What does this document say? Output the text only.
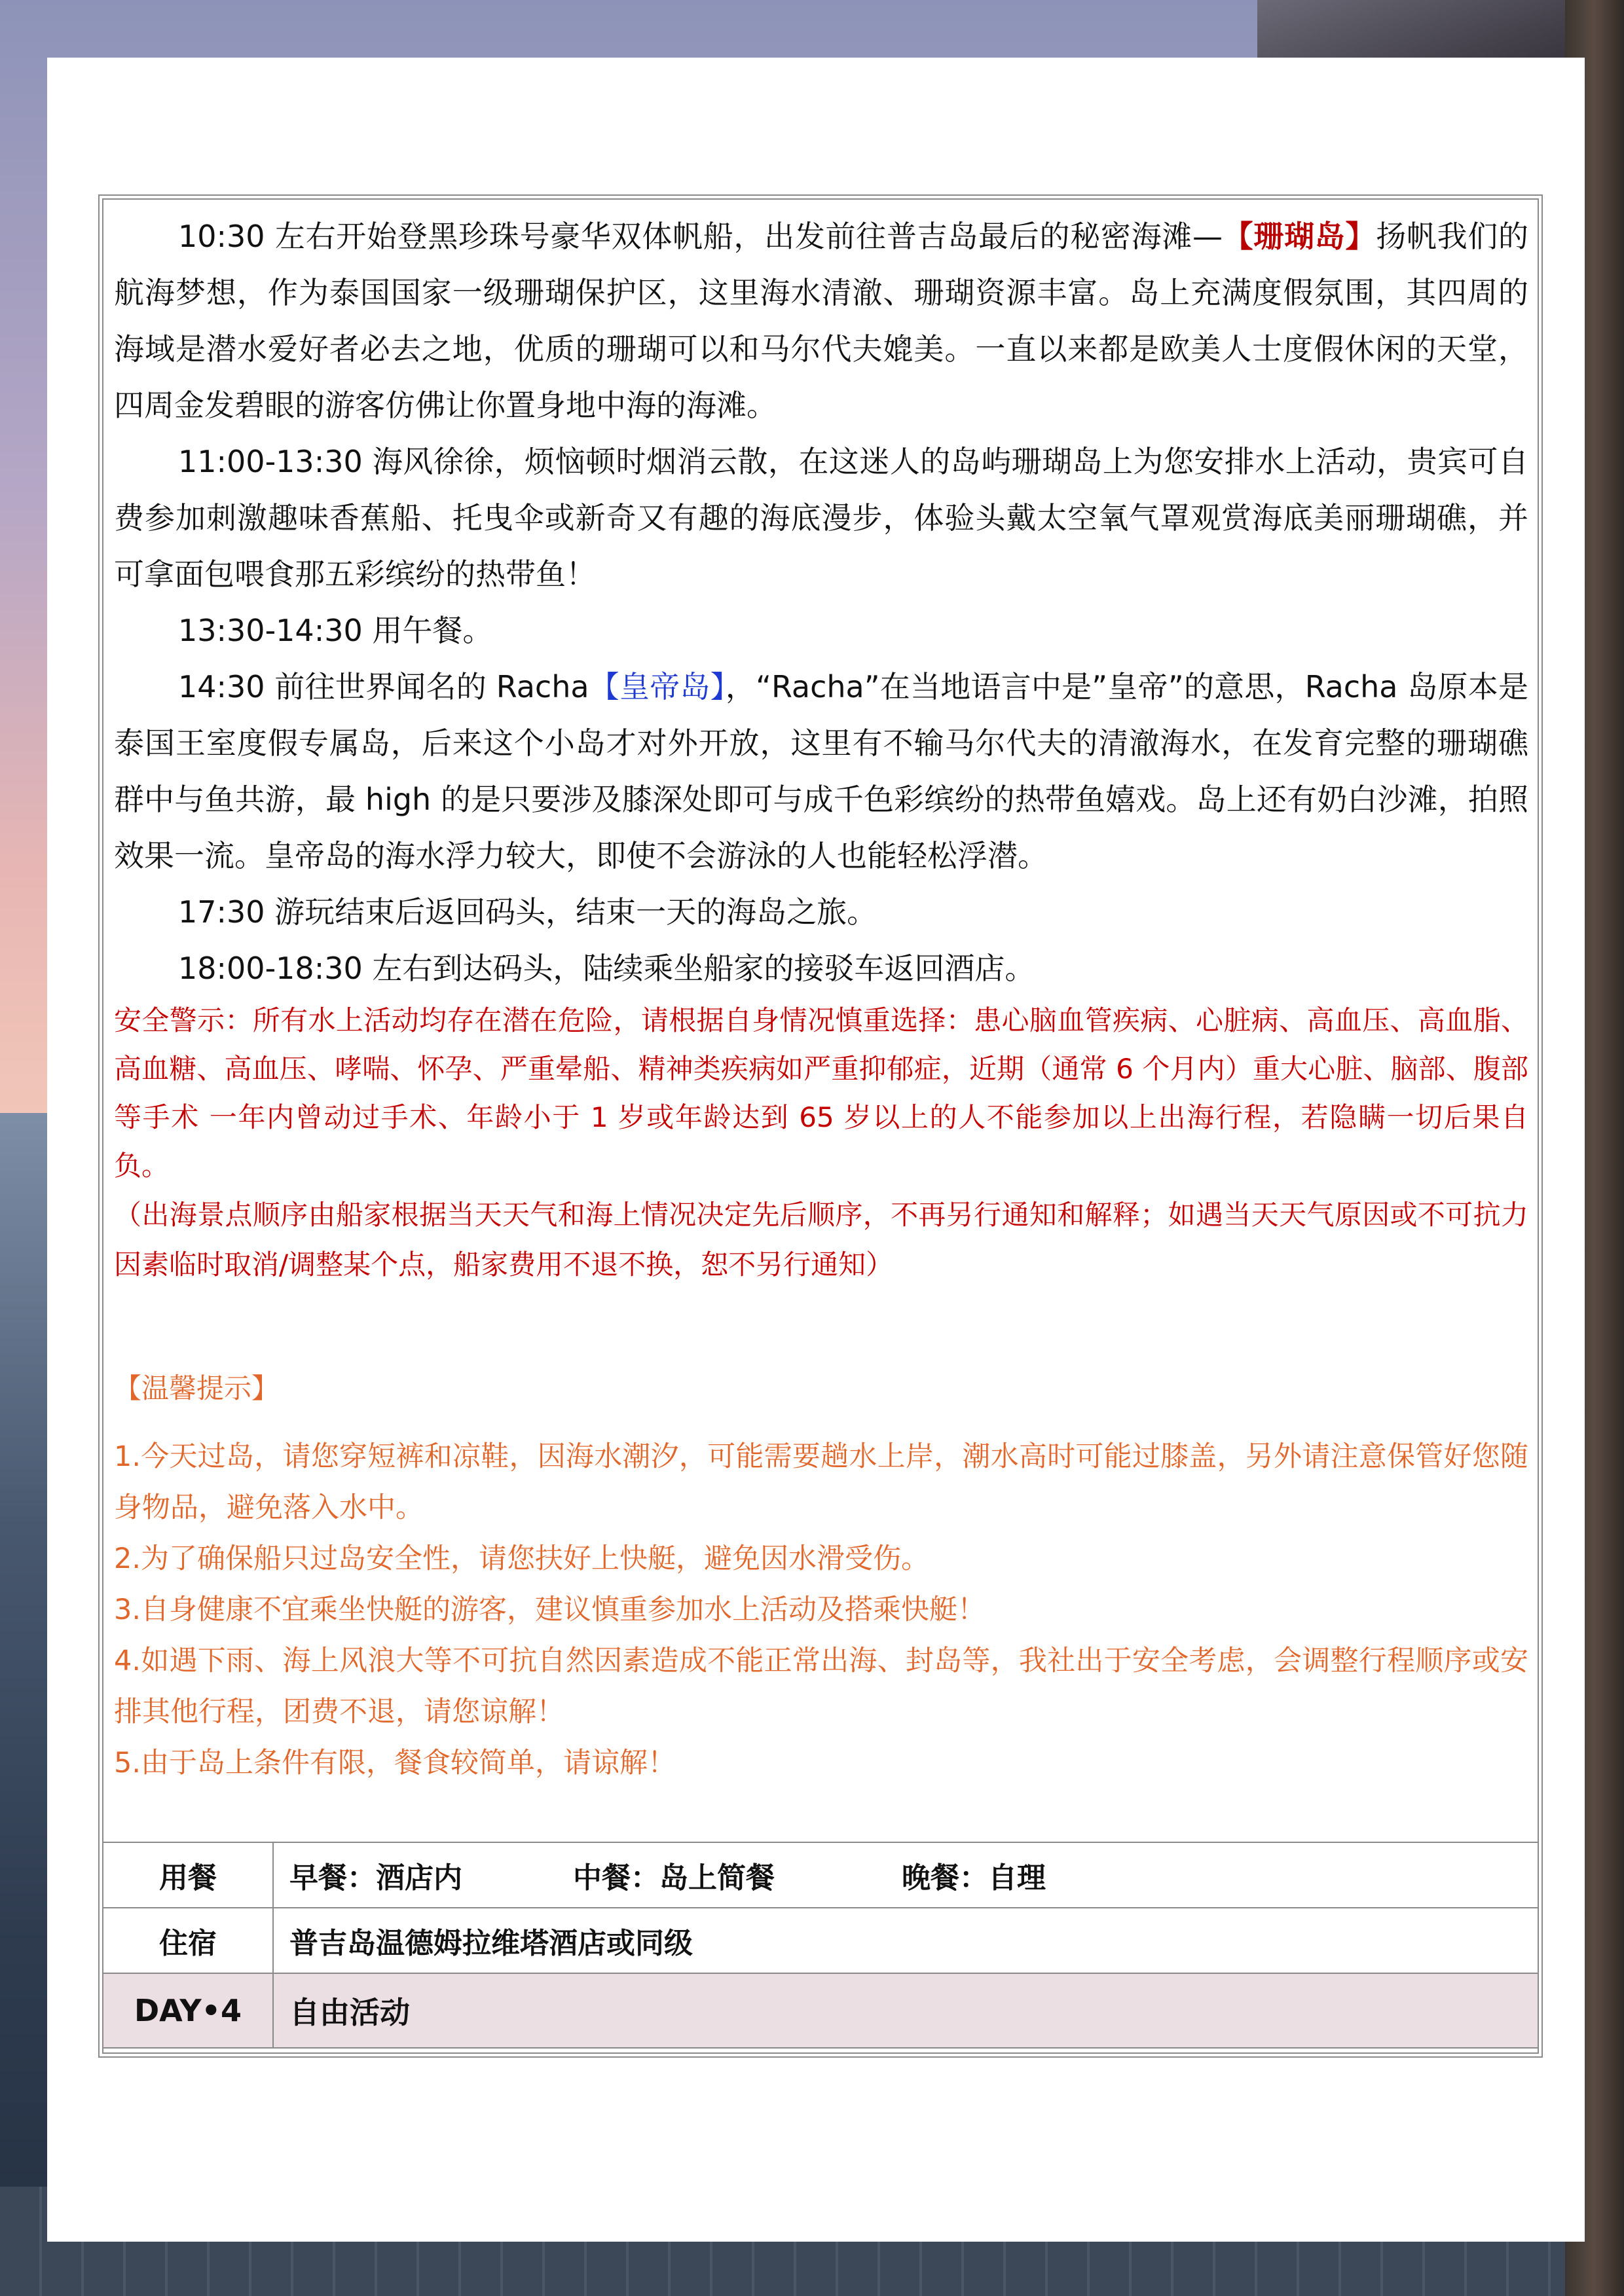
10:30 左右开始登黑珍珠号豪华双体帆船，出发前往普吉岛最后的秘密海滩—【珊瑚岛】扬帆我们的航海梦想，作为泰国国家一级珊瑚保护区，这里海水清澈、珊瑚资源丰富。岛上充满度假氛围，其四周的海域是潜水爱好者必去之地，优质的珊瑚可以和马尔代夫媲美。一直以来都是欧美人士度假休闲的天堂，四周金发碧眼的游客仿佛让你置身地中海的海滩。

11:00-13:30 海风徐徐，烦恼顿时烟消云散，在这迷人的岛屿珊瑚岛上为您安排水上活动，贵宾可自费参加刺激趣味香蕉船、托曳伞或新奇又有趣的海底漫步，体验头戴太空氧气罩观赏海底美丽珊瑚礁，并可拿面包喂食那五彩缤纷的热带鱼！

13:30-14:30 用午餐。

14:30 前往世界闻名的 Racha【皇帝岛】，“Racha”在当地语言中是”皇帝”的意思，Racha 岛原本是泰国王室度假专属岛，后来这个小岛才对外开放，这里有不输马尔代夫的清澈海水，在发育完整的珊瑚礁群中与鱼共游，最 high 的是只要涉及膝深处即可与成千色彩缤纷的热带鱼嬉戏。岛上还有奶白沙滩，拍照效果一流。皇帝岛的海水浮力较大，即使不会游泳的人也能轻松浮潜。

17:30 游玩结束后返回码头，结束一天的海岛之旅。

18:00-18:30 左右到达码头，陆续乘坐船家的接驳车返回酒店。

安全警示：所有水上活动均存在潜在危险，请根据自身情况慎重选择：患心脑血管疾病、心脏病、高血压、高血脂、高血糖、高血压、哮喘、怀孕、严重晕船、精神类疾病如严重抑郁症，近期（通常 6 个月内）重大心脏、脑部、腹部等手术 一年内曾动过手术、年龄小于 1 岁或年龄达到 65 岁以上的人不能参加以上出海行程，若隐瞒一切后果自负。

（出海景点顺序由船家根据当天天气和海上情况决定先后顺序，不再另行通知和解释；如遇当天天气原因或不可抗力因素临时取消/调整某个点，船家费用不退不换，恕不另行通知）

【温馨提示】

1.今天过岛，请您穿短裤和凉鞋，因海水潮汐，可能需要趟水上岸，潮水高时可能过膝盖，另外请注意保管好您随身物品，避免落入水中。

2.为了确保船只过岛安全性，请您扶好上快艇，避免因水滑受伤。

3.自身健康不宜乘坐快艇的游客，建议慎重参加水上活动及搭乘快艇！

4.如遇下雨、海上风浪大等不可抗自然因素造成不能正常出海、封岛等，我社出于安全考虑，会调整行程顺序或安排其他行程，团费不退，请您谅解！

5.由于岛上条件有限，餐食较简单，请谅解！

用餐	早餐：酒店内 中餐：岛上简餐 晚餐：自理
住宿	普吉岛温德姆拉维塔酒店或同级
DAY•4	自由活动
